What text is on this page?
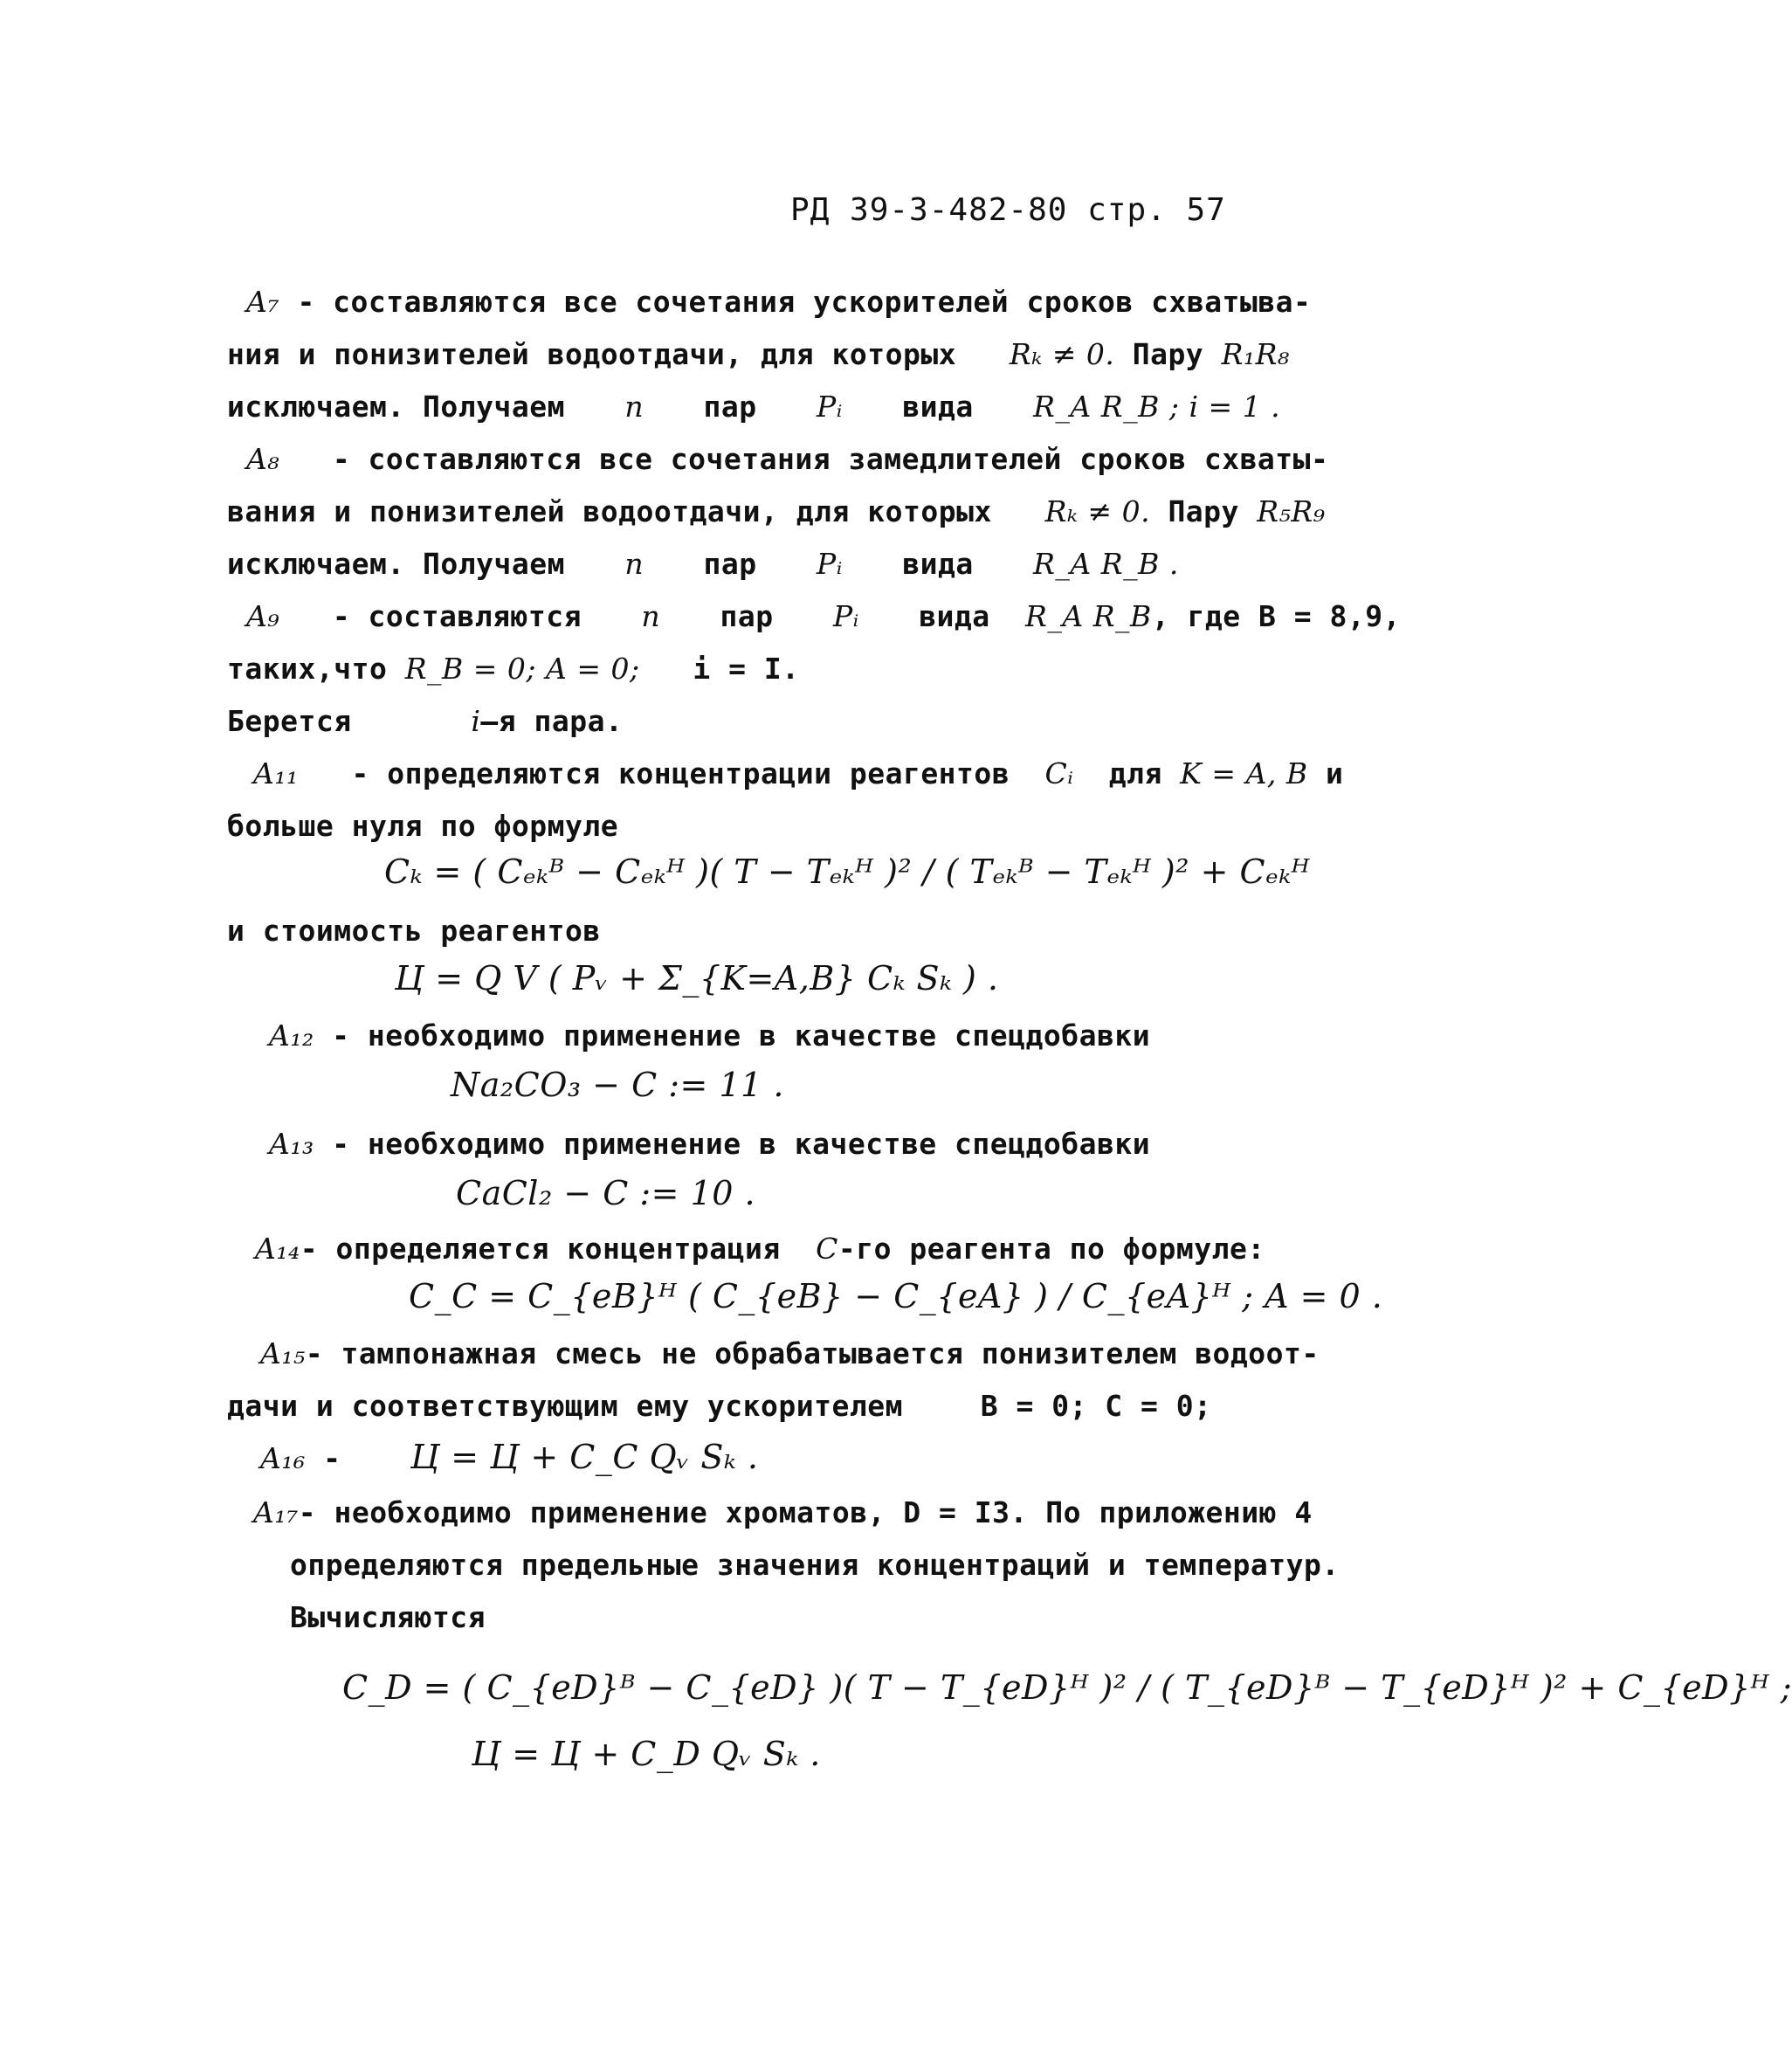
РД 39-3-482-80 стр. 57
A₇ - составляются все сочетания ускорителей сроков схватыва-
ния и понизителей водоотдачи, для которых Rₖ ≠ 0. Пару R₁R₈
исключаем. Получаем n пар Pᵢ вида R_A R_B ; i = 1 .
A₈ - составляются все сочетания замедлителей сроков схваты-
вания и понизителей водоотдачи, для которых Rₖ ≠ 0. Пару R₅R₉
исключаем. Получаем n пар Pᵢ вида R_A R_B .
A₉ - составляются n пар Pᵢ вида R_A R_B, где B = 8,9,
таких,что R_B = 0; A = 0; i = I.
Берется	i–я пара.
A₁₁ - определяются концентрации реагентов Cᵢ для K = A, B и
больше нуля по формуле
Cₖ = ( Cₑₖᴮ − Cₑₖᴴ )( T − Tₑₖᴴ )² / ( Tₑₖᴮ − Tₑₖᴴ )² + Cₑₖᴴ
и стоимость реагентов
Ц = Q V ( Pᵥ + Σ_{K=A,B} Cₖ Sₖ ) .
A₁₂ - необходимо применение в качестве спецдобавки
Na₂CO₃ − C := 11 .
A₁₃ - необходимо применение в качестве спецдобавки
CaCl₂ − C := 10 .
A₁₄- определяется концентрация C-го реагента по формуле:
C_C = C_{eB}ᴴ ( C_{eB} − C_{eA} ) / C_{eA}ᴴ ; A = 0 .
A₁₅- тампонажная смесь не обрабатывается понизителем водоот-
дачи и соответствующим ему ускорителем	B = 0; C = 0;
A₁₆ - Ц = Ц + C_C Qᵥ Sₖ .
A₁₇- необходимо применение хроматов, D = I3. По приложению 4
определяются предельные значения концентраций и температур.
Вычисляются
C_D = ( C_{eD}ᴮ − C_{eD} )( T − T_{eD}ᴴ )² / ( T_{eD}ᴮ − T_{eD}ᴴ )² + C_{eD}ᴴ ;
Ц = Ц + C_D Qᵥ Sₖ .
